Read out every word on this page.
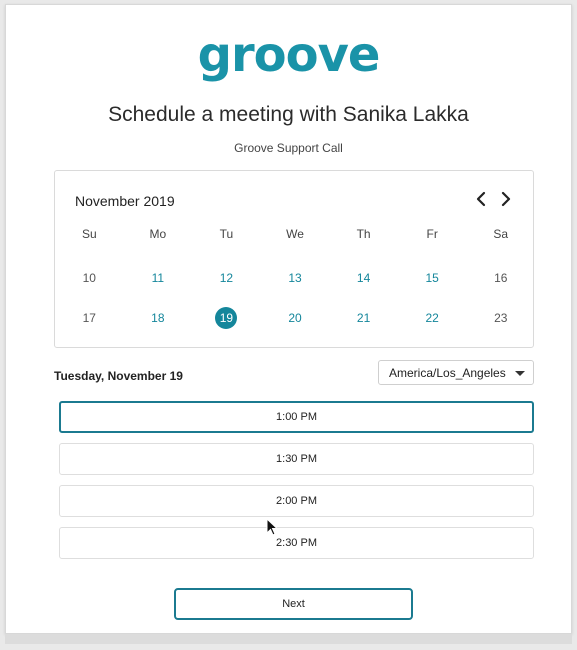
groove
Schedule a meeting with Sanika Lakka
Groove Support Call
November 2019
Su	Mo	Tu	We	Th	Fr	Sa
10	11	12	13	14	15	16
17	18	19	20	21	22	23
Tuesday, November 19	America/Los_Angeles
1:00 PM
1:30 PM
2:00 PM
2:30 PM
Next
